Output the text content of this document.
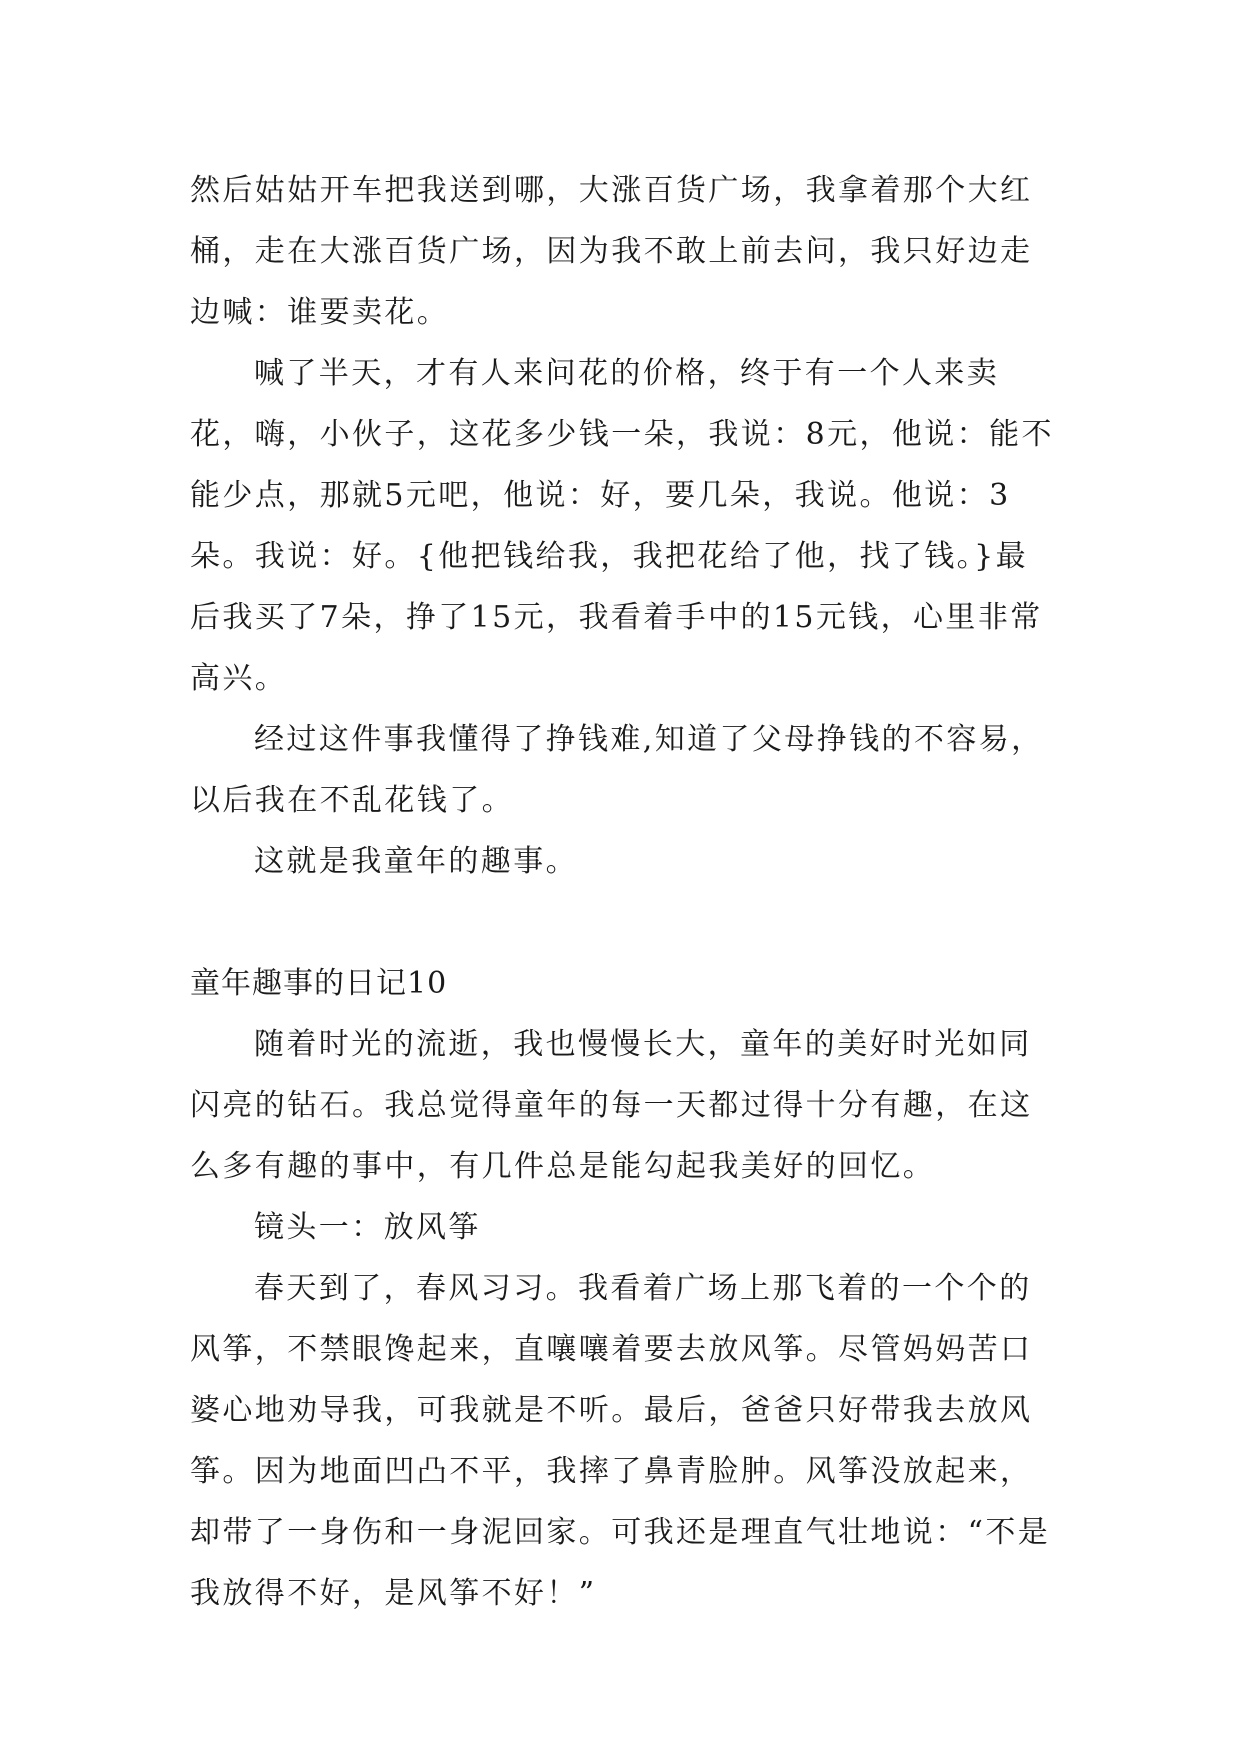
然后姑姑开车把我送到哪，大涨百货广场，我拿着那个大红桶，走在大涨百货广场，因为我不敢上前去问，我只好边走边喊：谁要卖花。

喊了半天，才有人来问花的价格，终于有一个人来卖花，嗨，小伙子，这花多少钱一朵，我说：8元，他说：能不能少点，那就5元吧，他说：好，要几朵，我说。他说：3朵。我说：好。{他把钱给我，我把花给了他，找了钱。}最后我买了7朵，挣了15元，我看着手中的15元钱，心里非常高兴。

经过这件事我懂得了挣钱难,知道了父母挣钱的不容易，以后我在不乱花钱了。

这就是我童年的趣事。

童年趣事的日记10

随着时光的流逝，我也慢慢长大，童年的美好时光如同闪亮的钻石。我总觉得童年的每一天都过得十分有趣，在这么多有趣的事中，有几件总是能勾起我美好的回忆。

镜头一：放风筝

春天到了，春风习习。我看着广场上那飞着的一个个的风筝，不禁眼馋起来，直嚷嚷着要去放风筝。尽管妈妈苦口婆心地劝导我，可我就是不听。最后，爸爸只好带我去放风筝。因为地面凹凸不平，我摔了鼻青脸肿。风筝没放起来，却带了一身伤和一身泥回家。可我还是理直气壮地说：“不是我放得不好，是风筝不好！”
